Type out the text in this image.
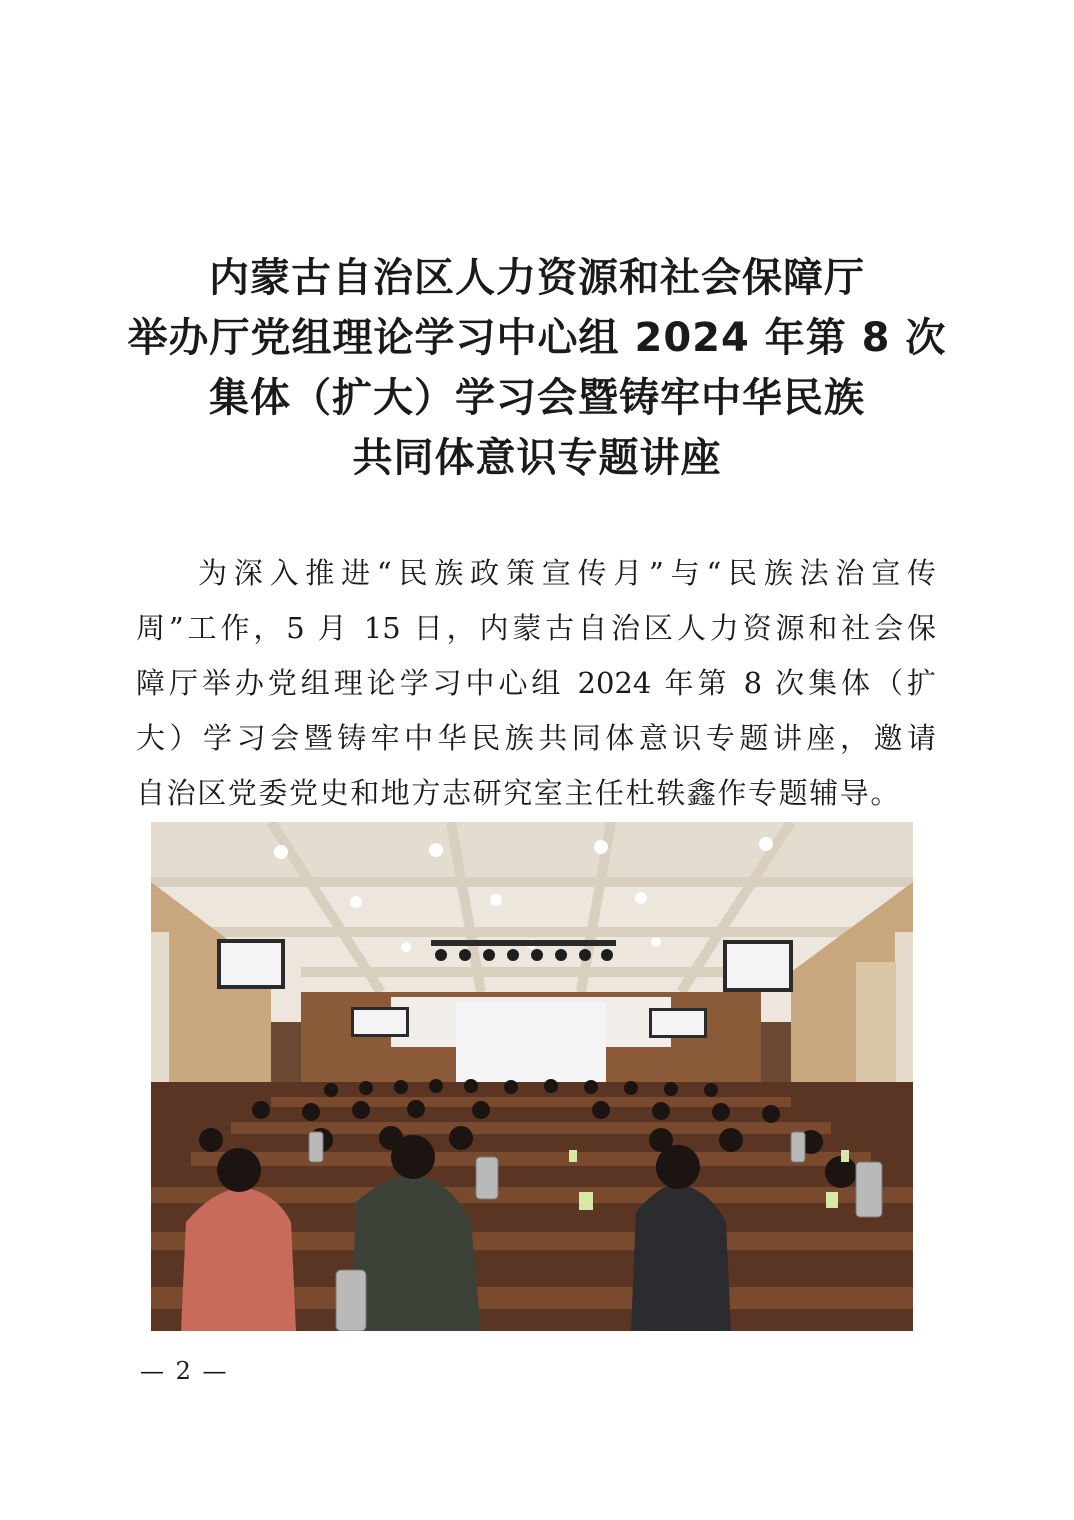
内蒙古自治区人力资源和社会保障厅
举办厅党组理论学习中心组 2024 年第 8 次
集体（扩大）学习会暨铸牢中华民族
共同体意识专题讲座
为深入推进“民族政策宣传月”与“民族法治宣传
周”工作，5 月 15 日，内蒙古自治区人力资源和社会保
障厅举办党组理论学习中心组 2024 年第 8 次集体（扩
大）学习会暨铸牢中华民族共同体意识专题讲座，邀请
自治区党委党史和地方志研究室主任杜轶鑫作专题辅导。
— 2 —
